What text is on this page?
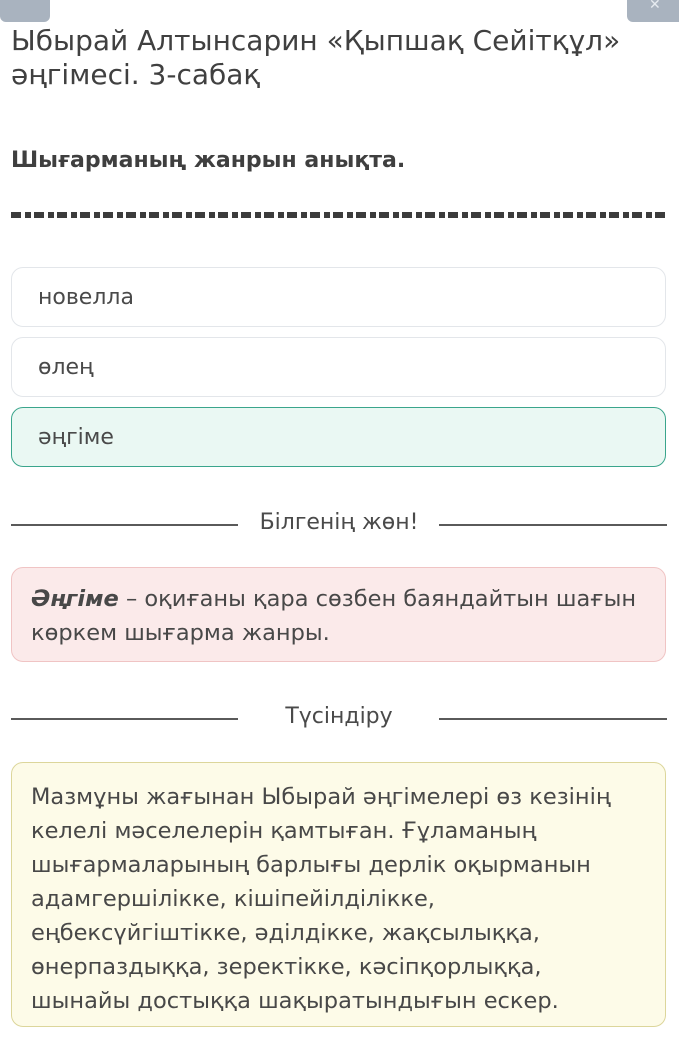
✕
Ыбырай Алтынсарин «Қыпшақ Сейітқұл» әңгімесі. 3-сабақ
Шығарманың жанрын анықта.
новелла
өлең
әңгіме
Білгенің жөн!
Әңгіме – оқиғаны қара сөзбен баяндайтын шағын көркем шығарма жанры.
Түсіндіру
Мазмұны жағынан Ыбырай әңгімелері өз кезінің келелі мәселелерін қамтыған. Ғұламаның шығармаларының барлығы дерлік оқырманын адамгершілікке, кішіпейілділікке, еңбексүйгіштікке, әділдікке, жақсылыққа, өнерпаздыққа, зеректікке, кәсіпқорлыққа, шынайы достыққа шақыратындығын ескер.
